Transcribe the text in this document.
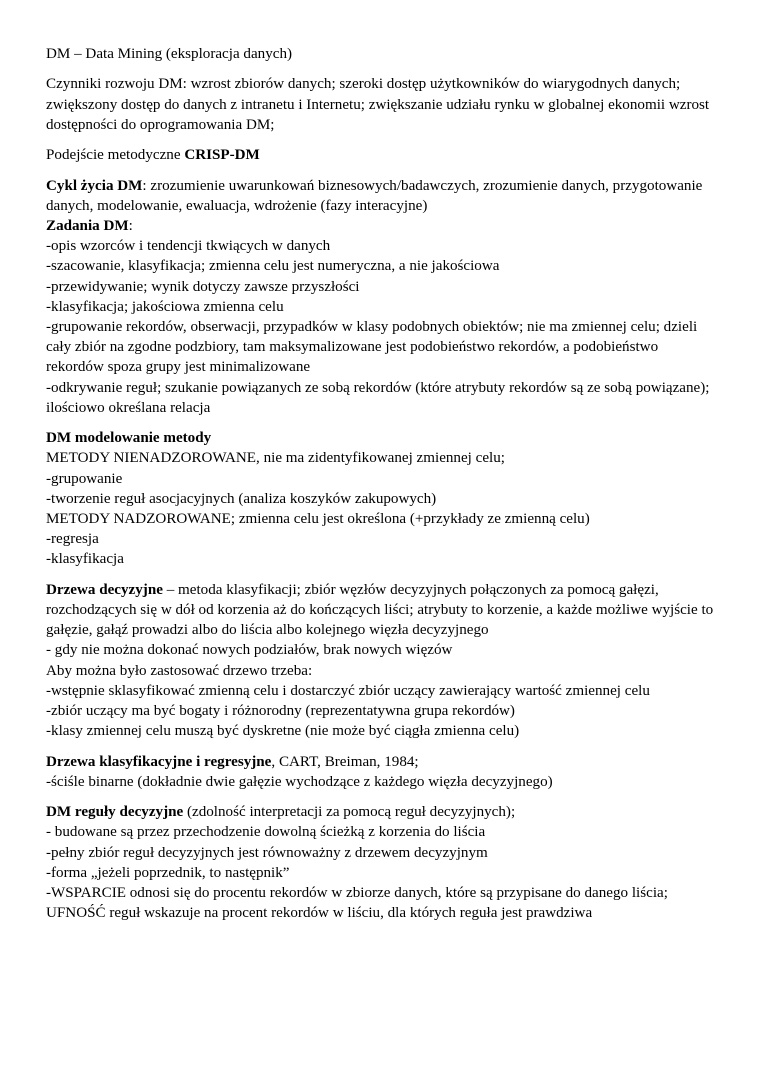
DM – Data Mining (eksploracja danych)

Czynniki rozwoju DM: wzrost zbiorów danych; szeroki dostęp użytkowników do wiarygodnych danych; zwiększony dostęp do danych z intranetu i Internetu; zwiększanie udziału rynku w globalnej ekonomii wzrost dostępności do oprogramowania DM;

Podejście metodyczne CRISP-DM

Cykl życia DM: zrozumienie uwarunkowań biznesowych/badawczych, zrozumienie danych, przygotowanie danych, modelowanie, ewaluacja, wdrożenie (fazy interacyjne)

Zadania DM:

-opis wzorców i tendencji tkwiących w danych

-szacowanie, klasyfikacja; zmienna celu jest numeryczna, a nie jakościowa

-przewidywanie; wynik dotyczy zawsze przyszłości

-klasyfikacja; jakościowa zmienna celu

-grupowanie rekordów, obserwacji, przypadków w klasy podobnych obiektów; nie ma zmiennej celu; dzieli cały zbiór na zgodne podzbiory, tam maksymalizowane jest podobieństwo rekordów, a podobieństwo rekordów spoza grupy jest minimalizowane

-odkrywanie reguł; szukanie powiązanych ze sobą rekordów (które atrybuty rekordów są ze sobą powiązane); ilościowo określana relacja

DM modelowanie metody

METODY NIENADZOROWANE, nie ma zidentyfikowanej zmiennej celu;

-grupowanie

-tworzenie reguł asocjacyjnych (analiza koszyków zakupowych)

METODY NADZOROWANE; zmienna celu jest określona (+przykłady ze zmienną celu)

-regresja

-klasyfikacja

Drzewa decyzyjne – metoda klasyfikacji; zbiór węzłów decyzyjnych połączonych za pomocą gałęzi, rozchodzących się w dół od korzenia aż do kończących liści; atrybuty to korzenie, a każde możliwe wyjście to gałęzie, gałąź prowadzi albo do liścia albo kolejnego więzła decyzyjnego

- gdy nie można dokonać nowych podziałów, brak nowych więzów

Aby można było zastosować drzewo trzeba:

-wstępnie sklasyfikować zmienną celu i dostarczyć zbiór uczący zawierający wartość zmiennej celu

-zbiór uczący ma być bogaty i różnorodny (reprezentatywna grupa rekordów)

-klasy zmiennej celu muszą być dyskretne (nie może być ciągła zmienna celu)

Drzewa klasyfikacyjne i regresyjne, CART, Breiman, 1984;

-ściśle binarne (dokładnie dwie gałęzie wychodzące z każdego więzła decyzyjnego)

DM reguły decyzyjne (zdolność interpretacji za pomocą reguł decyzyjnych);

- budowane są przez przechodzenie dowolną ścieżką z korzenia do liścia

-pełny zbiór reguł decyzyjnych jest równoważny z drzewem decyzyjnym

-forma „jeżeli poprzednik, to następnik”

-WSPARCIE odnosi się do procentu rekordów w zbiorze danych, które są przypisane do danego liścia; UFNOŚĆ reguł wskazuje na procent rekordów w liściu, dla których reguła jest prawdziwa
